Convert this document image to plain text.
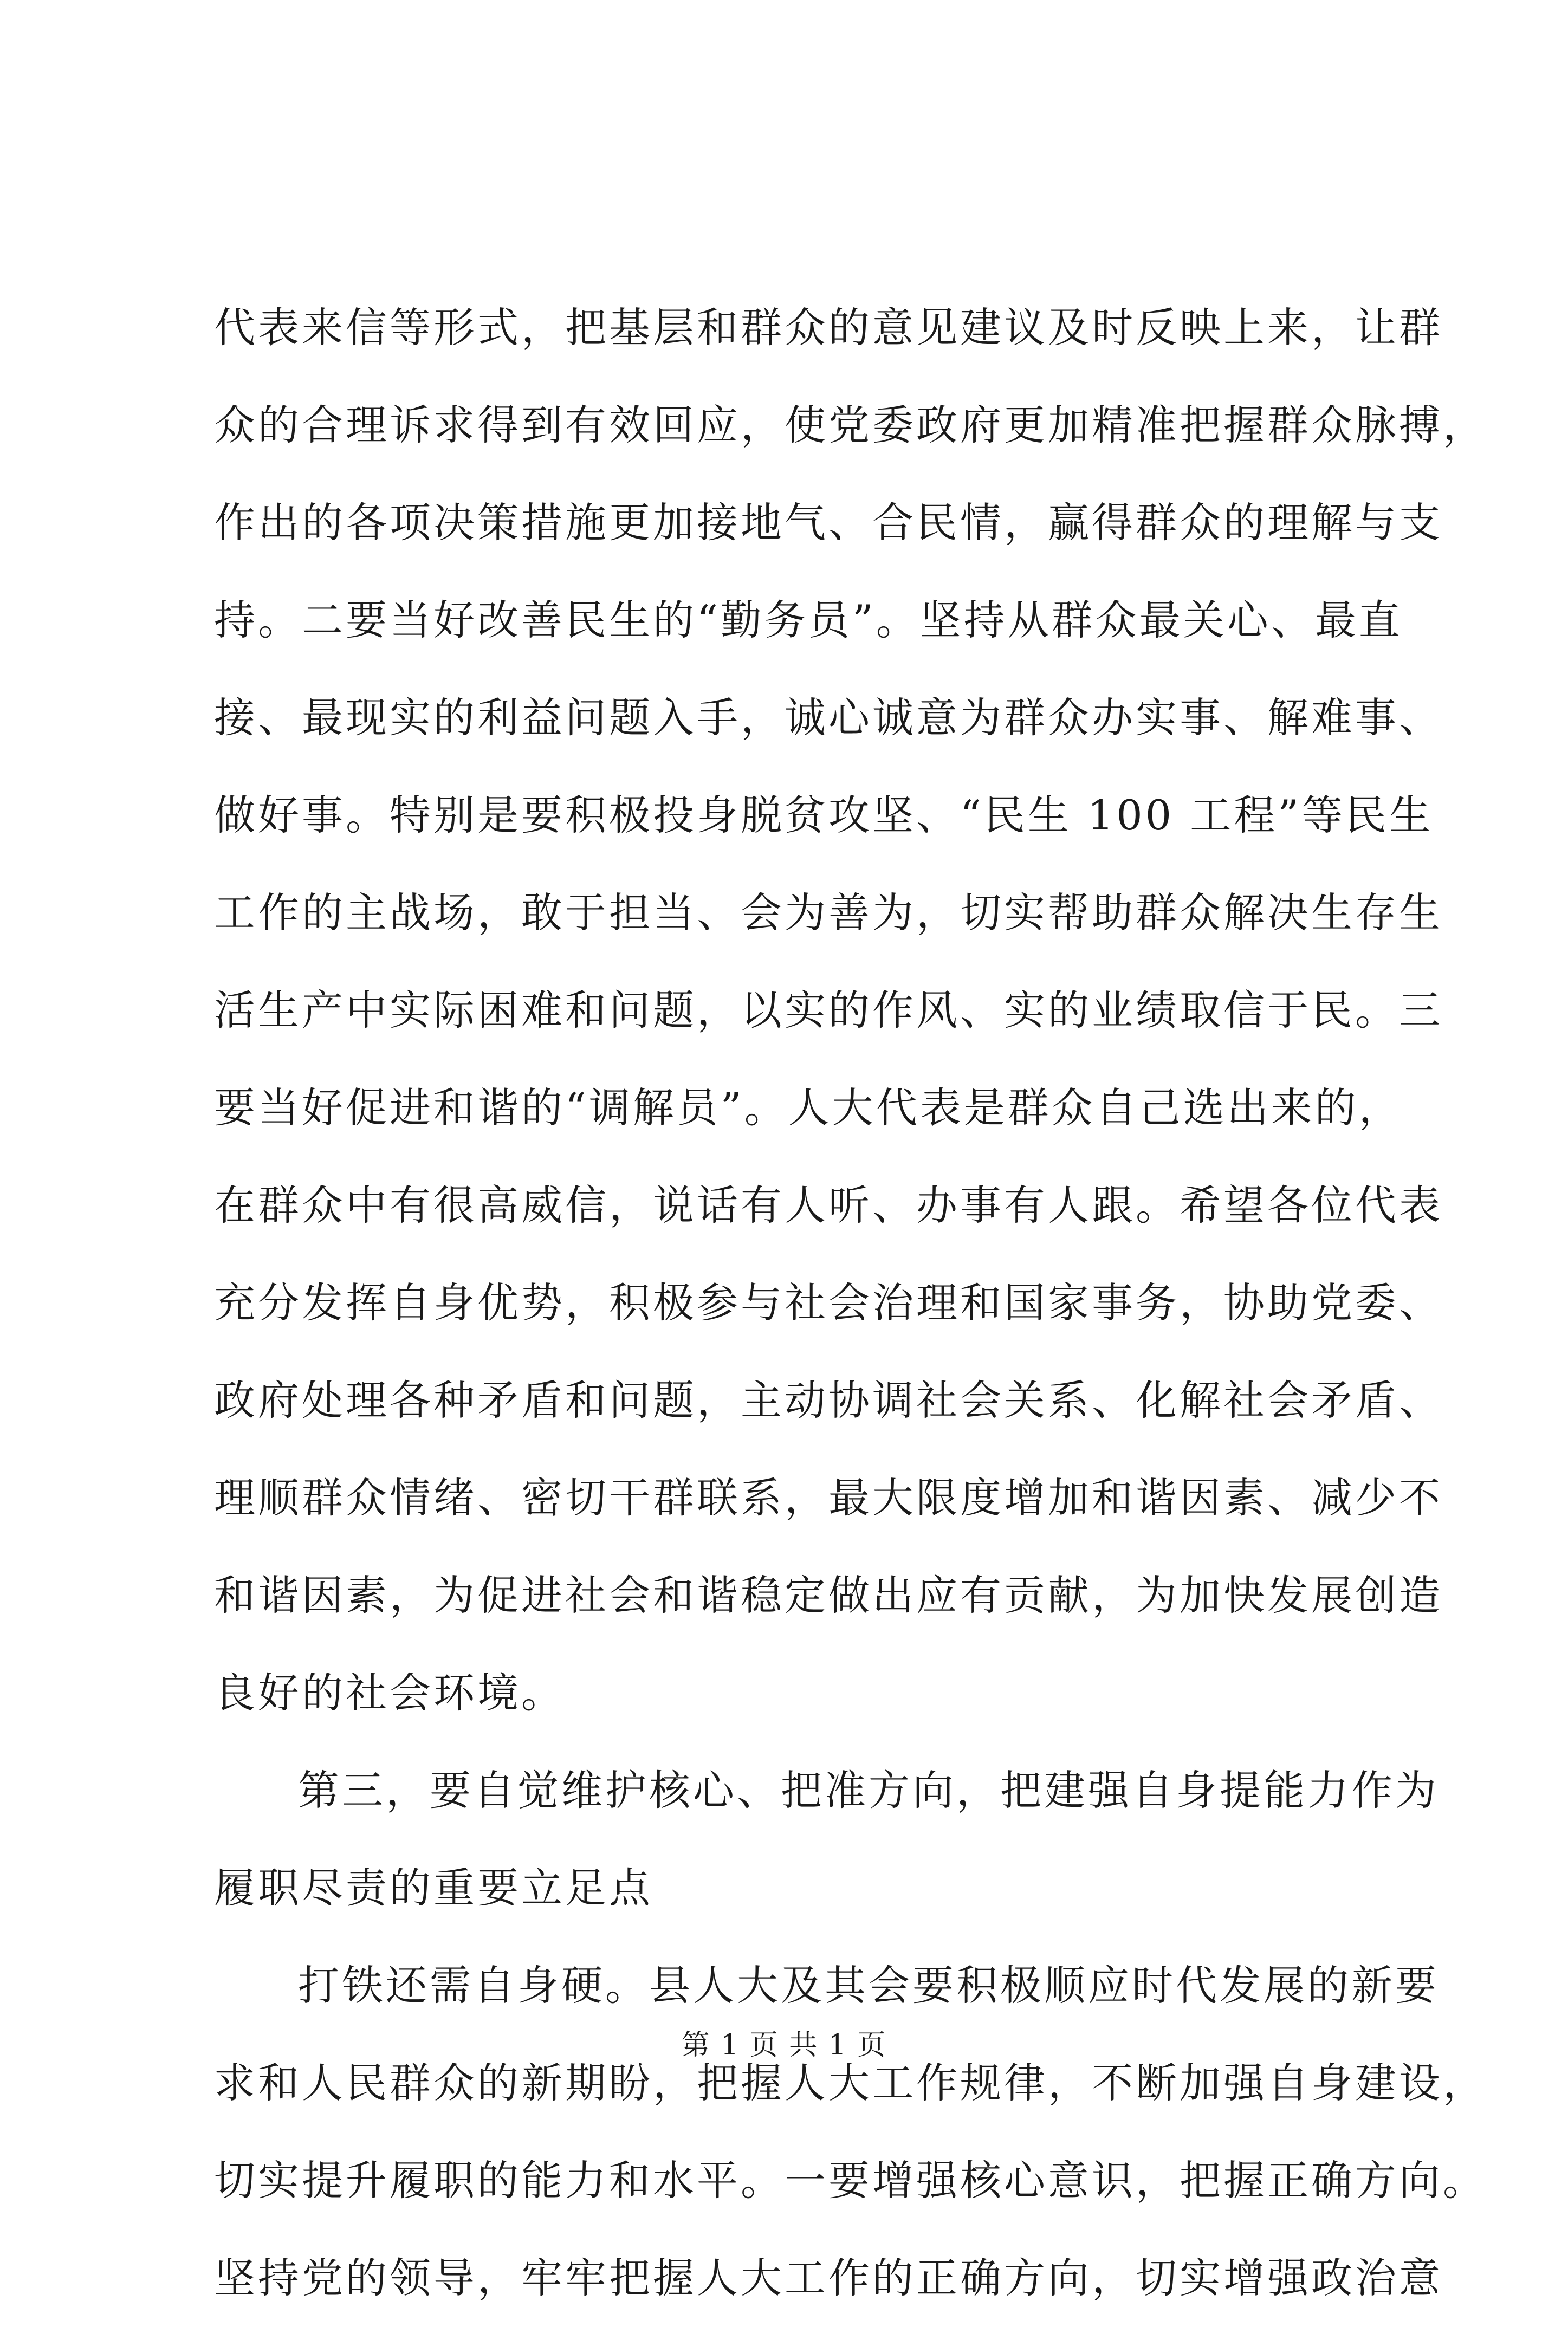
代表来信等形式，把基层和群众的意见建议及时反映上来，让群
众的合理诉求得到有效回应，使党委政府更加精准把握群众脉搏，
作出的各项决策措施更加接地气、合民情，赢得群众的理解与支
持。二要当好改善民生的“勤务员”。坚持从群众最关心、最直
接、最现实的利益问题入手，诚心诚意为群众办实事、解难事、
做好事。特别是要积极投身脱贫攻坚、“民生 100 工程”等民生
工作的主战场，敢于担当、会为善为，切实帮助群众解决生存生
活生产中实际困难和问题，以实的作风、实的业绩取信于民。三
要当好促进和谐的“调解员”。人大代表是群众自己选出来的，
在群众中有很高威信，说话有人听、办事有人跟。希望各位代表
充分发挥自身优势，积极参与社会治理和国家事务，协助党委、
政府处理各种矛盾和问题，主动协调社会关系、化解社会矛盾、
理顺群众情绪、密切干群联系，最大限度增加和谐因素、减少不
和谐因素，为促进社会和谐稳定做出应有贡献，为加快发展创造
良好的社会环境。
第三，要自觉维护核心、把准方向，把建强自身提能力作为
履职尽责的重要立足点
打铁还需自身硬。县人大及其会要积极顺应时代发展的新要
求和人民群众的新期盼，把握人大工作规律，不断加强自身建设，
切实提升履职的能力和水平。一要增强核心意识，把握正确方向。
坚持党的领导，牢牢把握人大工作的正确方向，切实增强政治意
第 1 页 共 1 页
